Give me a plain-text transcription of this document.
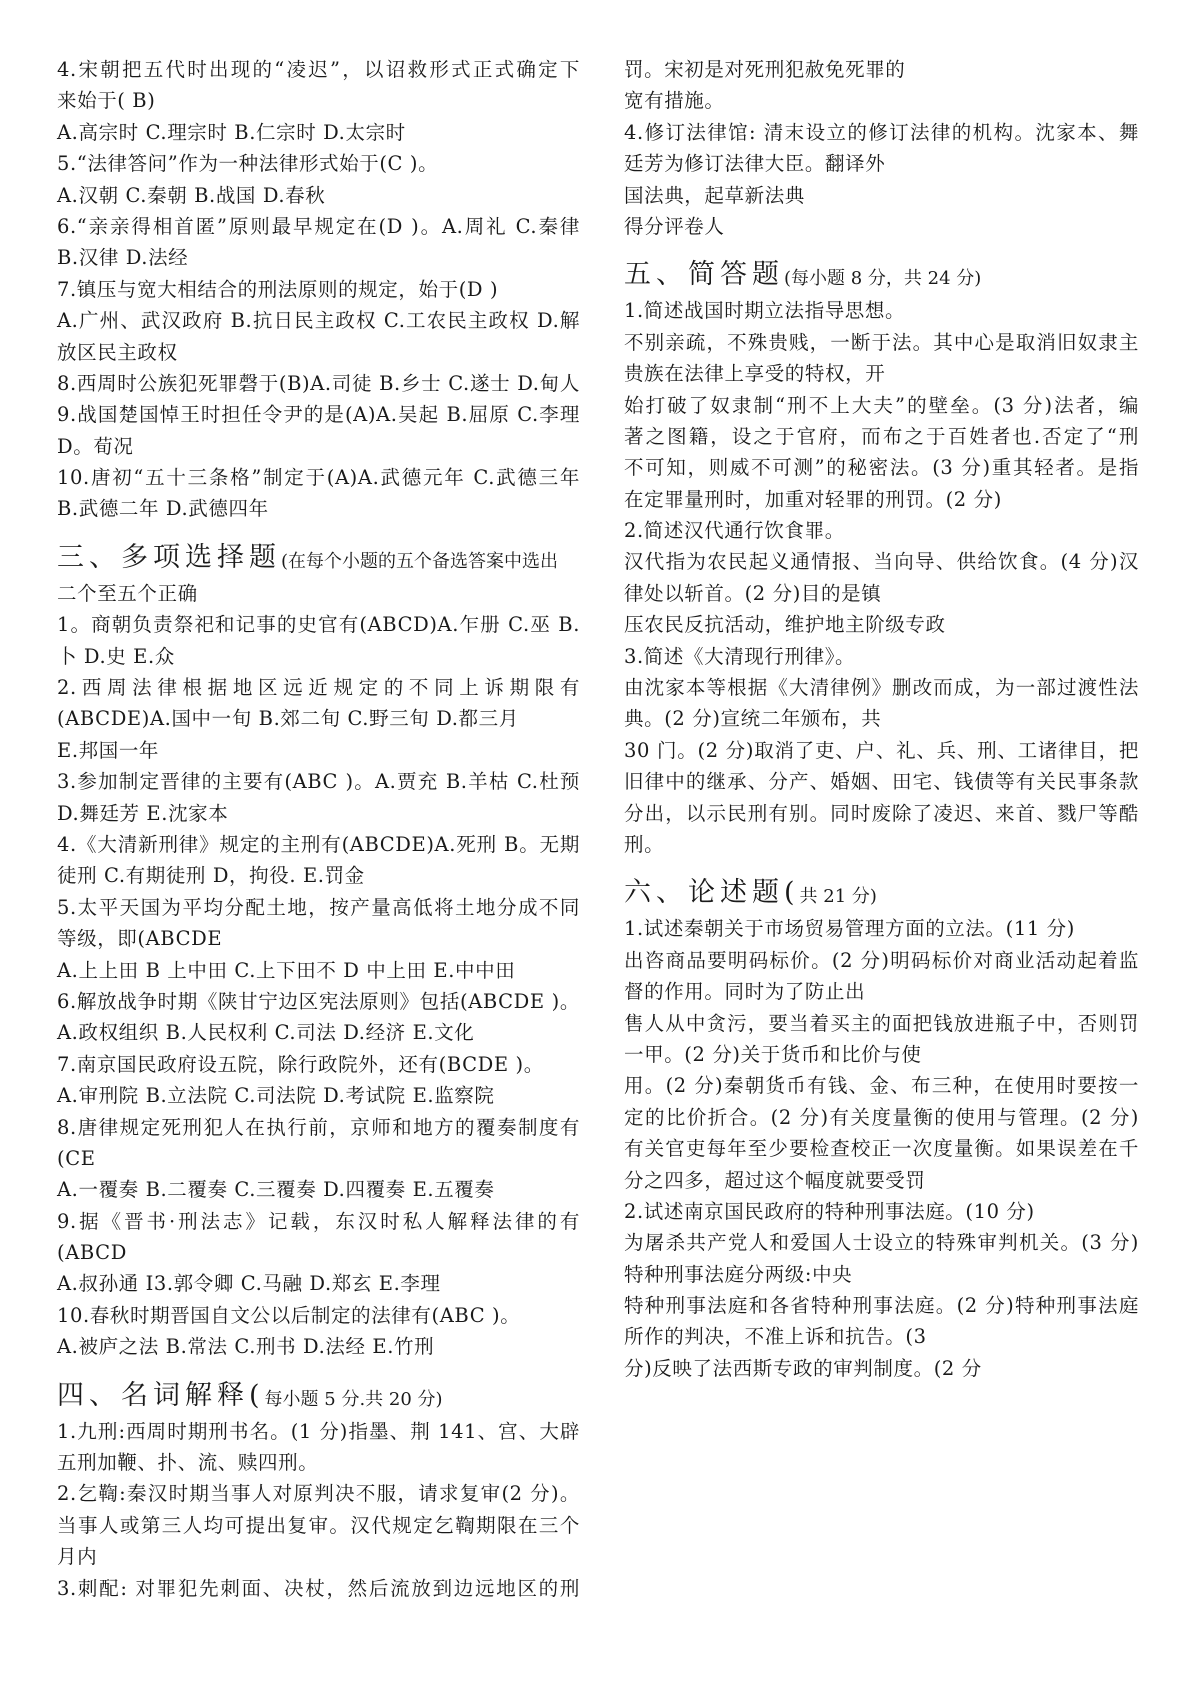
4.宋朝把五代时出现的“凌迟”，以诏救形式正式确定下
来始于( B)
A.高宗时 C.理宗时 B.仁宗时 D.太宗时
5.“法律答问”作为一种法律形式始于(C )。
A.汉朝 C.秦朝 B.战国 D.春秋
6.“亲亲得相首匿”原则最早规定在(D )。A.周礼 C.秦律
B.汉律 D.法经
7.镇压与宽大相结合的刑法原则的规定，始于(D )
A.广州、武汉政府 B.抗日民主政权 C.工农民主政权 D.解
放区民主政权
8.西周时公族犯死罪磬于(B)A.司徒 B.乡士 C.遂士 D.甸人
9.战国楚国悼王时担任令尹的是(A)A.吴起 B.屈原 C.李理
D。荀况
10.唐初“五十三条格”制定于(A)A.武德元年 C.武德三年
B.武德二年 D.武德四年
三、多项选择题 (在每个小题的五个备选答案中选出
二个至五个正确
1。商朝负责祭祀和记事的史官有(ABCD)A.乍册 C.巫 B.
卜 D.史 E.众
2.西周法律根据地区远近规定的不同上诉期限有
(ABCDE)A.国中一旬 B.郊二旬 C.野三旬 D.都三月
E.邦国一年
3.参加制定晋律的主要有(ABC )。A.贾充 B.羊枯 C.杜预
D.舞廷芳 E.沈家本
4.《大清新刑律》规定的主刑有(ABCDE)A.死刑 B。无期
徒刑 C.有期徒刑 D，拘役. E.罚金
5.太平天国为平均分配土地，按产量高低将土地分成不同
等级，即(ABCDE
A.上上田 B 上中田 C.上下田不 D 中上田 E.中中田
6.解放战争时期《陕甘宁边区宪法原则》包括(ABCDE )。
A.政权组织 B.人民权利 C.司法 D.经济 E.文化
7.南京国民政府设五院，除行政院外，还有(BCDE )。
A.审刑院 B.立法院 C.司法院 D.考试院 E.监察院
8.唐律规定死刑犯人在执行前，京师和地方的覆奏制度有
(CE
A.一覆奏 B.二覆奏 C.三覆奏 D.四覆奏 E.五覆奏
9.据《晋书·刑法志》记载，东汉时私人解释法律的有
(ABCD
A.叔孙通 I3.郭令卿 C.马融 D.郑玄 E.李理
10.春秋时期晋国自文公以后制定的法律有(ABC )。
A.被庐之法 B.常法 C.刑书 D.法经 E.竹刑
四、名词解释( 每小题 5 分.共 20 分)
1.九刑:西周时期刑书名。(1 分)指墨、荆 141、宫、大辟
五刑加鞭、扑、流、赎四刑。
2.乞鞫:秦汉时期当事人对原判决不服，请求复审(2 分)。
当事人或第三人均可提出复审。汉代规定乞鞫期限在三个
月内
3.刺配: 对罪犯先刺面、决杖，然后流放到边远地区的刑
罚。宋初是对死刑犯赦免死罪的
宽有措施。
4.修订法律馆: 清末设立的修订法律的机构。沈家本、舞
廷芳为修订法律大臣。翻译外
国法典，起草新法典
得分评卷人
五、简答题 (每小题 8 分，共 24 分)
1.简述战国时期立法指导思想。
不别亲疏，不殊贵贱，一断于法。其中心是取消旧奴隶主
贵族在法律上享受的特权，开
始打破了奴隶制“刑不上大夫”的壁垒。(3 分)法者，编
著之图籍，设之于官府，而布之于百姓者也.否定了“刑
不可知，则威不可测”的秘密法。(3 分)重其轻者。是指
在定罪量刑时，加重对轻罪的刑罚。(2 分)
2.简述汉代通行饮食罪。
汉代指为农民起义通情报、当向导、供给饮食。(4 分)汉
律处以斩首。(2 分)目的是镇
压农民反抗活动，维护地主阶级专政
3.简述《大清现行刑律》。
由沈家本等根据《大清律例》删改而成，为一部过渡性法
典。(2 分)宣统二年颁布，共
30 门。(2 分)取消了吏、户、礼、兵、刑、工诸律目，把
旧律中的继承、分产、婚姻、田宅、钱债等有关民事条款
分出，以示民刑有别。同时废除了凌迟、来首、戮尸等酷
刑。
六、论述题( 共 21 分)
1.试述秦朝关于市场贸易管理方面的立法。(11 分)
出咨商品要明码标价。(2 分)明码标价对商业活动起着监
督的作用。同时为了防止出
售人从中贪污，要当着买主的面把钱放进瓶子中，否则罚
一甲。(2 分)关于货币和比价与使
用。(2 分)秦朝货币有钱、金、布三种，在使用时要按一
定的比价折合。(2 分)有关度量衡的使用与管理。(2 分)
有关官吏每年至少要检查校正一次度量衡。如果误差在千
分之四多，超过这个幅度就要受罚
2.试述南京国民政府的特种刑事法庭。(10 分)
为屠杀共产党人和爱国人士设立的特殊审判机关。(3 分)
特种刑事法庭分两级:中央
特种刑事法庭和各省特种刑事法庭。(2 分)特种刑事法庭
所作的判决，不准上诉和抗告。(3
分)反映了法西斯专政的审判制度。(2 分
